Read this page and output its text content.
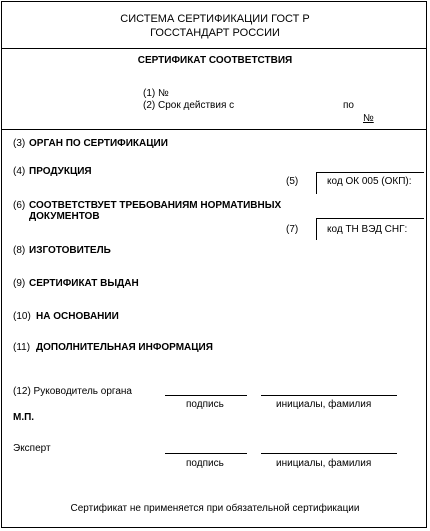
СИСТЕМА СЕРТИФИКАЦИИ ГОСТ Р
ГОССТАНДАРТ РОССИИ
СЕРТИФИКАТ СООТВЕТСТВИЯ
(1) №
(2) Срок действия с	по
№
(3) ОРГАН ПО СЕРТИФИКАЦИИ
(4) ПРОДУКЦИЯ
(5)	код ОК 005 (ОКП):
(6) СООТВЕТСТВУЕТ ТРЕБОВАНИЯМ НОРМАТИВНЫХ
ДОКУМЕНТОВ
(7)	код ТН ВЭД СНГ:
(8) ИЗГОТОВИТЕЛЬ
(9) СЕРТИФИКАТ ВЫДАН
(10) НА ОСНОВАНИИ
(11) ДОПОЛНИТЕЛЬНАЯ ИНФОРМАЦИЯ
(12) Руководитель органа
подпись	инициалы, фамилия
М.П.
Эксперт
подпись	инициалы, фамилия
Сертификат не применяется при обязательной сертификации
